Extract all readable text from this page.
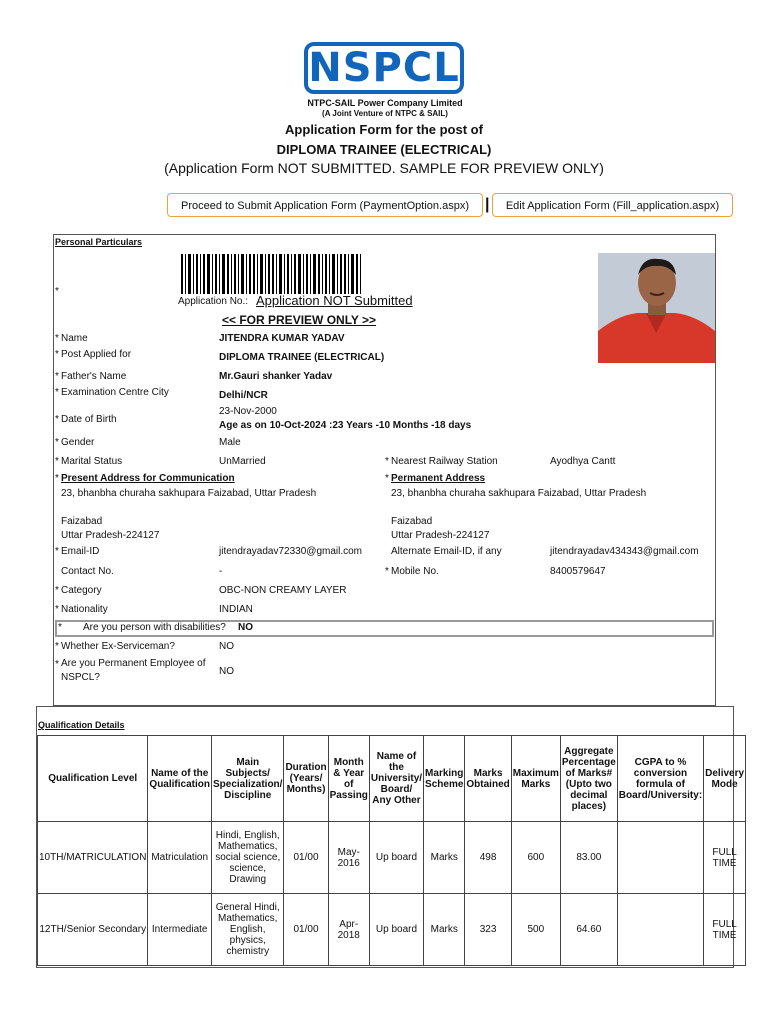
NSPCL
NTPC-SAIL Power Company Limited
(A Joint Venture of NTPC & SAIL)
Application Form for the post of
DIPLOMA TRAINEE (ELECTRICAL)
(Application Form NOT SUBMITTED. SAMPLE FOR PREVIEW ONLY)
Proceed to Submit Application Form (PaymentOption.aspx)	|	Edit Application Form (Fill_application.aspx)
Personal Particulars
*
Application No.: Application NOT Submitted
<< FOR PREVIEW ONLY >>
* Name	JITENDRA KUMAR YADAV
* Post Applied for	DIPLOMA TRAINEE (ELECTRICAL)
* Father's Name	Mr.Gauri shanker Yadav
* Examination Centre City	Delhi/NCR
* Date of Birth
23-Nov-2000
Age as on 10-Oct-2024 :23 Years -10 Months -18 days
* Gender	Male
* Marital Status	UnMarried	* Nearest Railway Station	Ayodhya Cantt
* Present Address for Communication
23, bhanbha churaha sakhupara Faizabad, Uttar Pradesh
Faizabad
Uttar Pradesh-224127
* Permanent Address
23, bhanbha churaha sakhupara Faizabad, Uttar Pradesh
Faizabad
Uttar Pradesh-224127
* Email-ID	jitendrayadav72330@gmail.com	Alternate Email-ID, if any	jitendrayadav434343@gmail.com
Contact No.	-	* Mobile No.	8400579647
* Category	OBC-NON CREAMY LAYER
* Nationality	INDIAN
* Are you person with disabilities? NO
* Whether Ex-Serviceman?	NO
* Are you Permanent Employee of
NSPCL?
NO
Qualification Details
Qualification Level	Name of the Qualification	Main Subjects/ Specialization/ Discipline	Duration (Years/ Months)	Month & Year of Passing	Name of the University/ Board/ Any Other	Marking Scheme	Marks Obtained	Maximum Marks	Aggregate Percentage of Marks# (Upto two decimal places)	CGPA to % conversion formula of Board/University:	Delivery Mode
10TH/MATRICULATION	Matriculation	Hindi, English, Mathematics, social science, science, Drawing	01/00	May-2016	Up board	Marks	498	600	83.00		FULL TIME
12TH/Senior Secondary	Intermediate	General Hindi, Mathematics, English, physics, chemistry	01/00	Apr-2018	Up board	Marks	323	500	64.60		FULL TIME
